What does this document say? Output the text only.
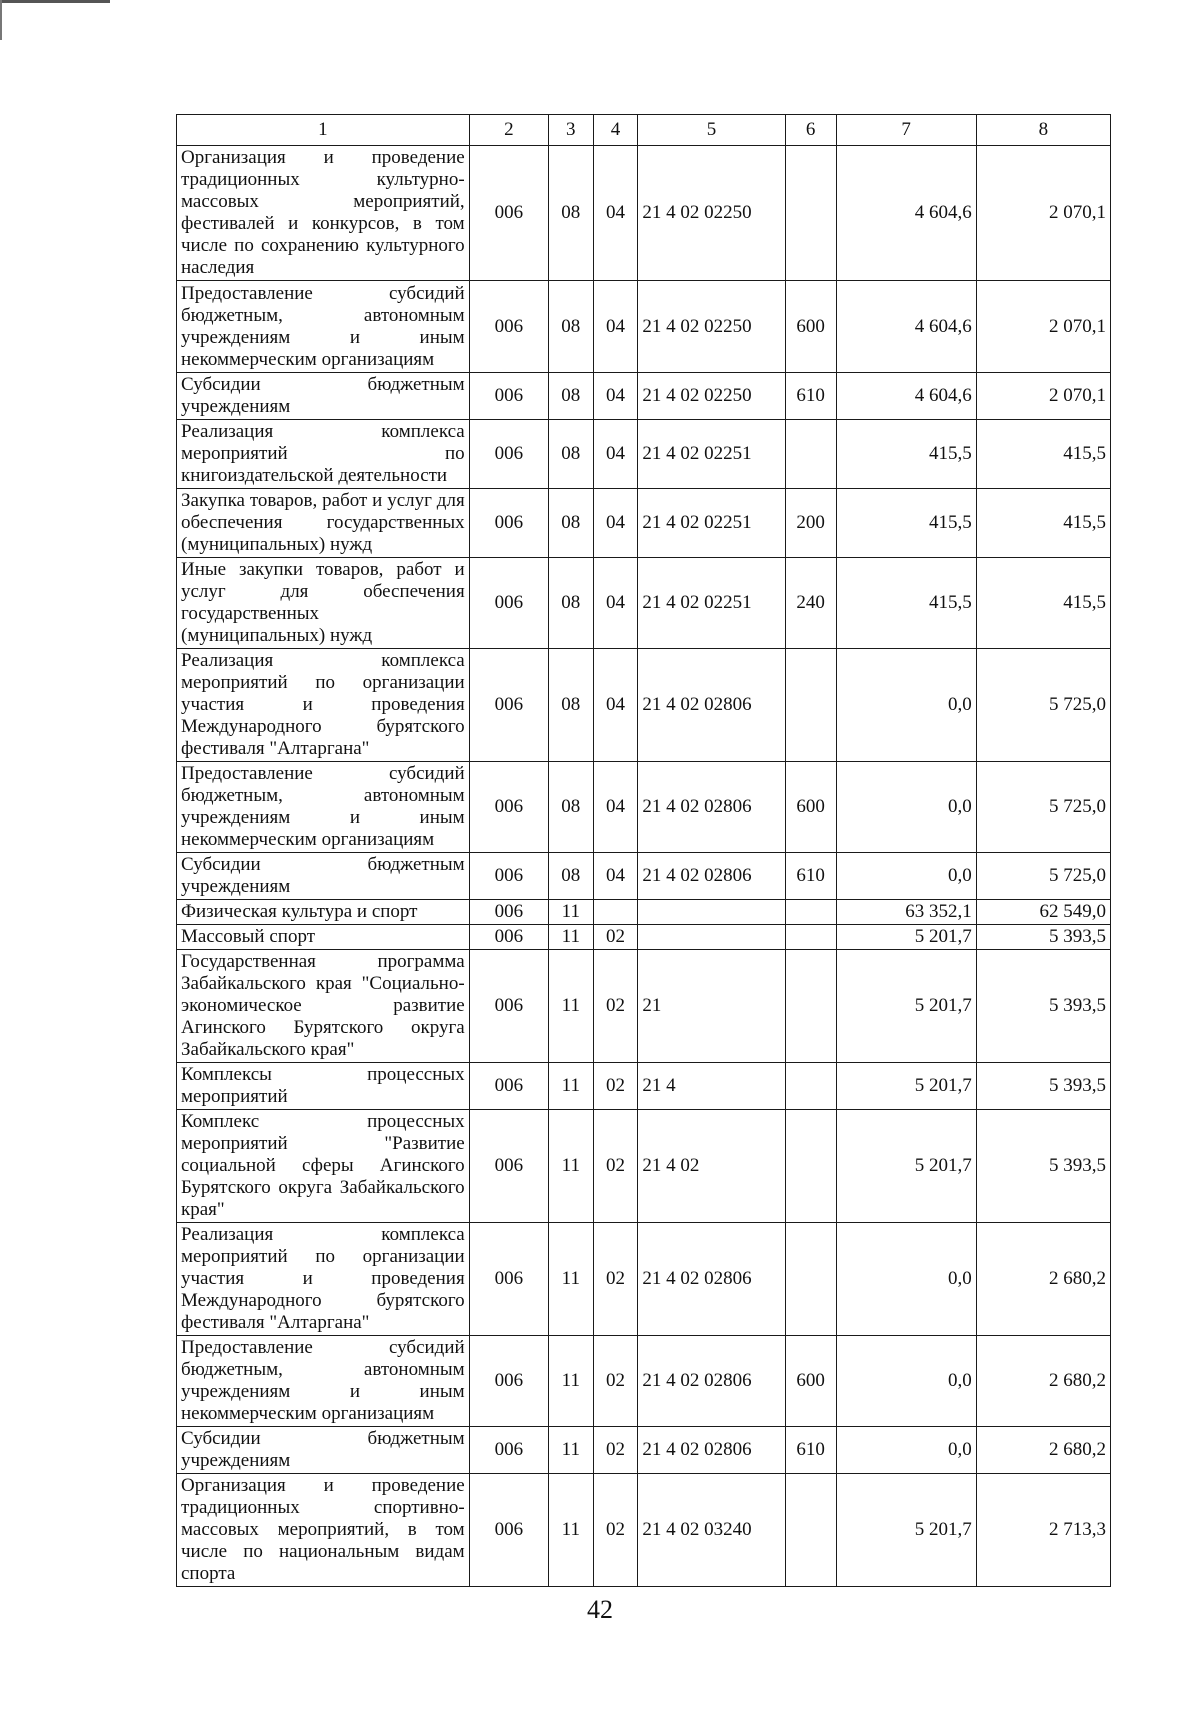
1	2	3	4	5	6	7	8
Организация и проведение традиционных культурно-массовых мероприятий, фестивалей и конкурсов, в том числе по сохранению культурного наследия	006	08	04	21 4 02 02250		4 604,6	2 070,1
Предоставление субсидий бюджетным, автономным учреждениям и иным некоммерческим организациям	006	08	04	21 4 02 02250	600	4 604,6	2 070,1
Субсидии бюджетным учреждениям	006	08	04	21 4 02 02250	610	4 604,6	2 070,1
Реализация комплекса мероприятий по книгоиздательской деятельности	006	08	04	21 4 02 02251		415,5	415,5
Закупка товаров, работ и услуг для обеспечения государственных (муниципальных) нужд	006	08	04	21 4 02 02251	200	415,5	415,5
Иные закупки товаров, работ и услуг для обеспечения государственных (муниципальных) нужд	006	08	04	21 4 02 02251	240	415,5	415,5
Реализация комплекса мероприятий по организации участия и проведения Международного бурятского фестиваля "Алтаргана"	006	08	04	21 4 02 02806		0,0	5 725,0
Предоставление субсидий бюджетным, автономным учреждениям и иным некоммерческим организациям	006	08	04	21 4 02 02806	600	0,0	5 725,0
Субсидии бюджетным учреждениям	006	08	04	21 4 02 02806	610	0,0	5 725,0
Физическая культура и спорт	006	11				63 352,1	62 549,0
Массовый спорт	006	11	02			5 201,7	5 393,5
Государственная программа Забайкальского края "Социально-экономическое развитие Агинского Бурятского округа Забайкальского края"	006	11	02	21		5 201,7	5 393,5
Комплексы процессных мероприятий	006	11	02	21 4		5 201,7	5 393,5
Комплекс процессных мероприятий "Развитие социальной сферы Агинского Бурятского округа Забайкальского края"	006	11	02	21 4 02		5 201,7	5 393,5
Реализация комплекса мероприятий по организации участия и проведения Международного бурятского фестиваля "Алтаргана"	006	11	02	21 4 02 02806		0,0	2 680,2
Предоставление субсидий бюджетным, автономным учреждениям и иным некоммерческим организациям	006	11	02	21 4 02 02806	600	0,0	2 680,2
Субсидии бюджетным учреждениям	006	11	02	21 4 02 02806	610	0,0	2 680,2
Организация и проведение традиционных спортивно-массовых мероприятий, в том числе по национальным видам спорта	006	11	02	21 4 02 03240		5 201,7	2 713,3
42
